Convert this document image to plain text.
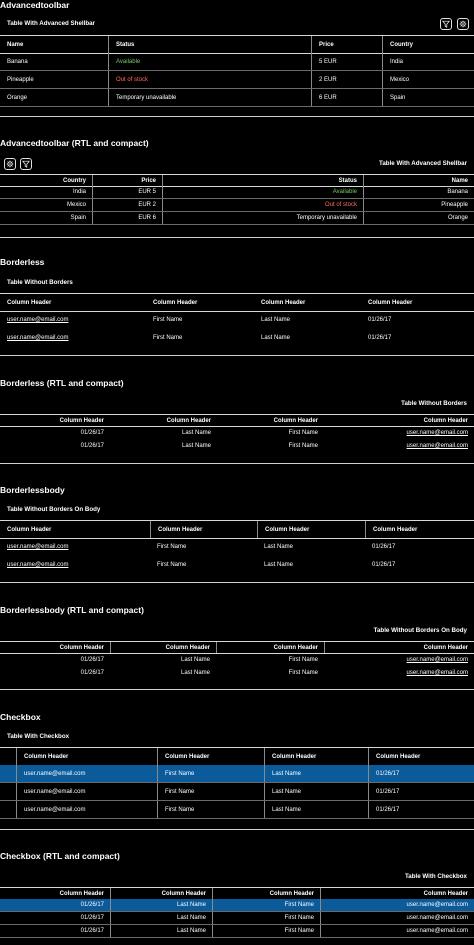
Advancedtoolbar
Table With Advanced Shellbar
Name	Status	Price	Country
Banana	Available	5 EUR	India
Pineapple	Out of stock	2 EUR	Mexico
Orange	Temporary unavailable	6 EUR	Spain
Advancedtoolbar (RTL and compact)
Table With Advanced Shellbar
Country	Price	Status	Name
India	EUR 5	Available	Banana
Mexico	EUR 2	Out of stock	Pineapple
Spain	EUR 6	Temporary unavailable	Orange
Borderless
Table Without Borders
Column Header	Column Header	Column Header	Column Header
user.name@email.com	First Name	Last Name	01/26/17
user.name@email.com	First Name	Last Name	01/26/17
Borderless (RTL and compact)
Table Without Borders
Column Header	Column Header	Column Header	Column Header
01/26/17	Last Name	First Name	user.name@email.com
01/26/17	Last Name	First Name	user.name@email.com
Borderlessbody
Table Without Borders On Body
Column Header	Column Header	Column Header	Column Header
user.name@email.com	First Name	Last Name	01/26/17
user.name@email.com	First Name	Last Name	01/26/17
Borderlessbody (RTL and compact)
Table Without Borders On Body
Column Header	Column Header	Column Header	Column Header
01/26/17	Last Name	First Name	user.name@email.com
01/26/17	Last Name	First Name	user.name@email.com
Checkbox
Table With Checkbox
Column Header	Column Header	Column Header	Column Header
user.name@email.com	First Name	Last Name	01/26/17
user.name@email.com	First Name	Last Name	01/26/17
user.name@email.com	First Name	Last Name	01/26/17
Checkbox (RTL and compact)
Table With Checkbox
Column Header	Column Header	Column Header	Column Header
01/26/17	Last Name	First Name	user.name@email.com
01/26/17	Last Name	First Name	user.name@email.com
01/26/17	Last Name	First Name	user.name@email.com
